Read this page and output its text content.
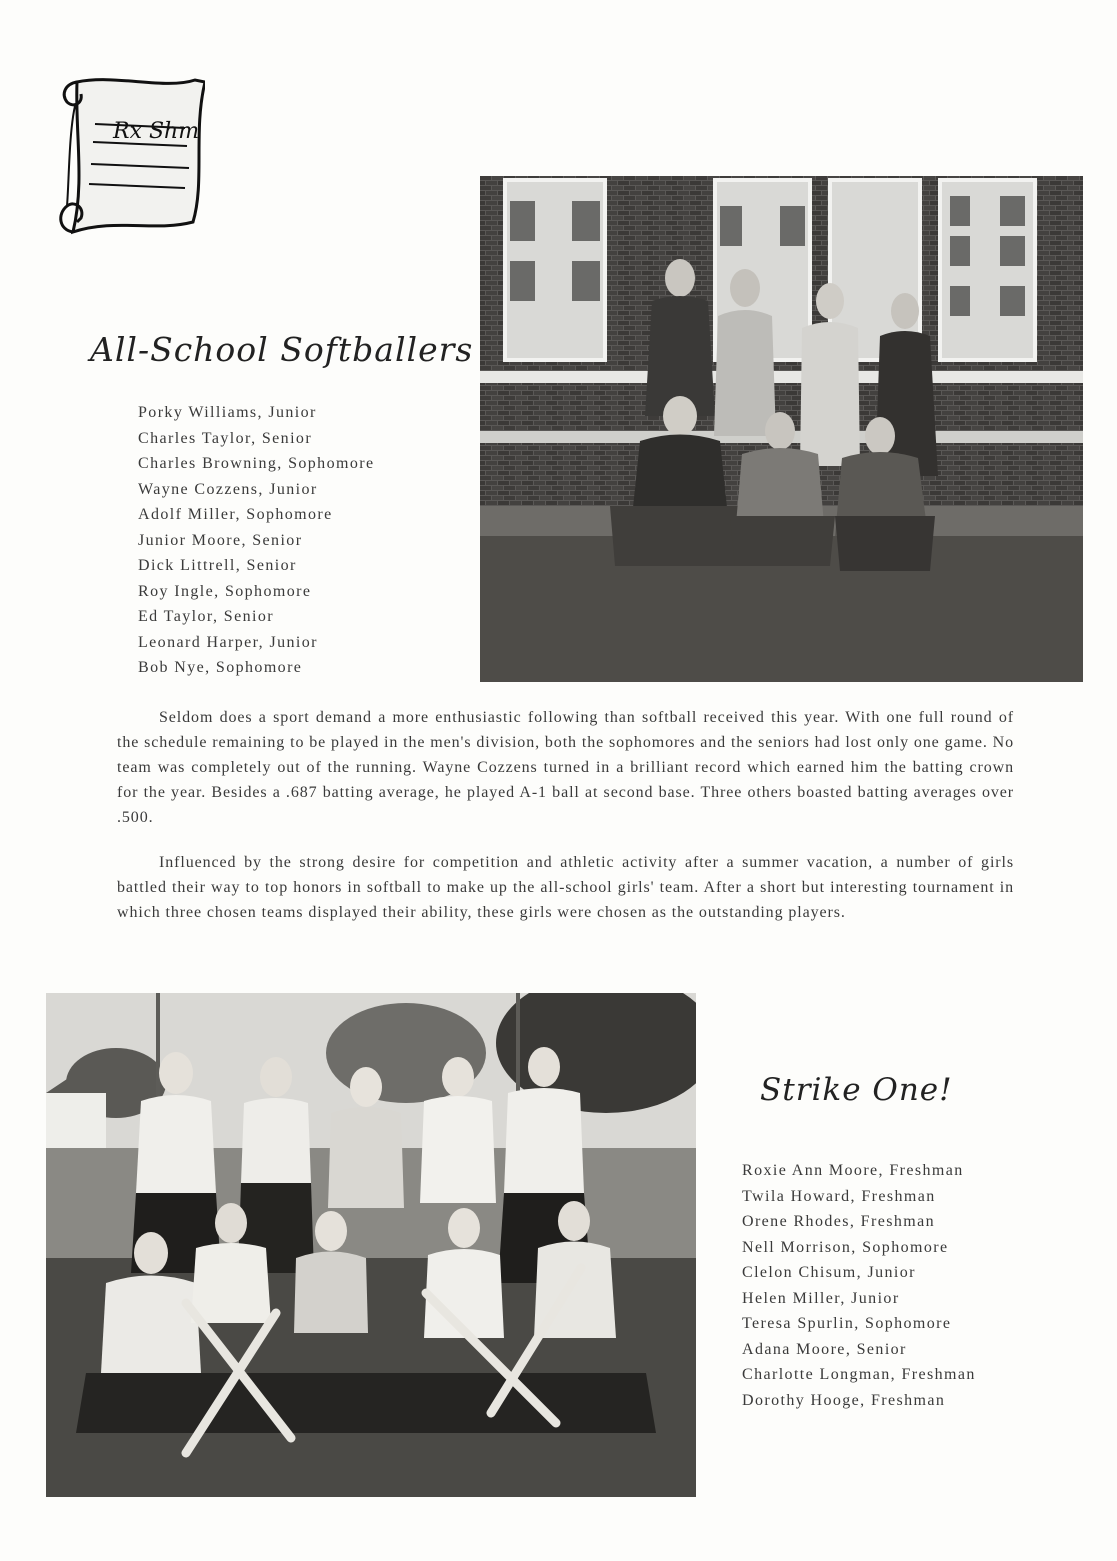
Rx Shm
All-School Softballers
Porky Williams, Junior
Charles Taylor, Senior
Charles Browning, Sophomore
Wayne Cozzens, Junior
Adolf Miller, Sophomore
Junior Moore, Senior
Dick Littrell, Senior
Roy Ingle, Sophomore
Ed Taylor, Senior
Leonard Harper, Junior
Bob Nye, Sophomore

Seldom does a sport demand a more enthusiastic following than softball received this year. With one full round of the schedule remaining to be played in the men's division, both the sophomores and the seniors had lost only one game. No team was completely out of the running. Wayne Cozzens turned in a brilliant record which earned him the batting crown for the year. Besides a .687 batting average, he played A-1 ball at second base. Three others boasted batting averages over .500.

Influenced by the strong desire for competition and athletic activity after a summer vacation, a number of girls battled their way to top honors in softball to make up the all-school girls' team. After a short but interesting tournament in which three chosen teams displayed their ability, these girls were chosen as the outstanding players.

Strike One!
Roxie Ann Moore, Freshman
Twila Howard, Freshman
Orene Rhodes, Freshman
Nell Morrison, Sophomore
Clelon Chisum, Junior
Helen Miller, Junior
Teresa Spurlin, Sophomore
Adana Moore, Senior
Charlotte Longman, Freshman
Dorothy Hooge, Freshman
